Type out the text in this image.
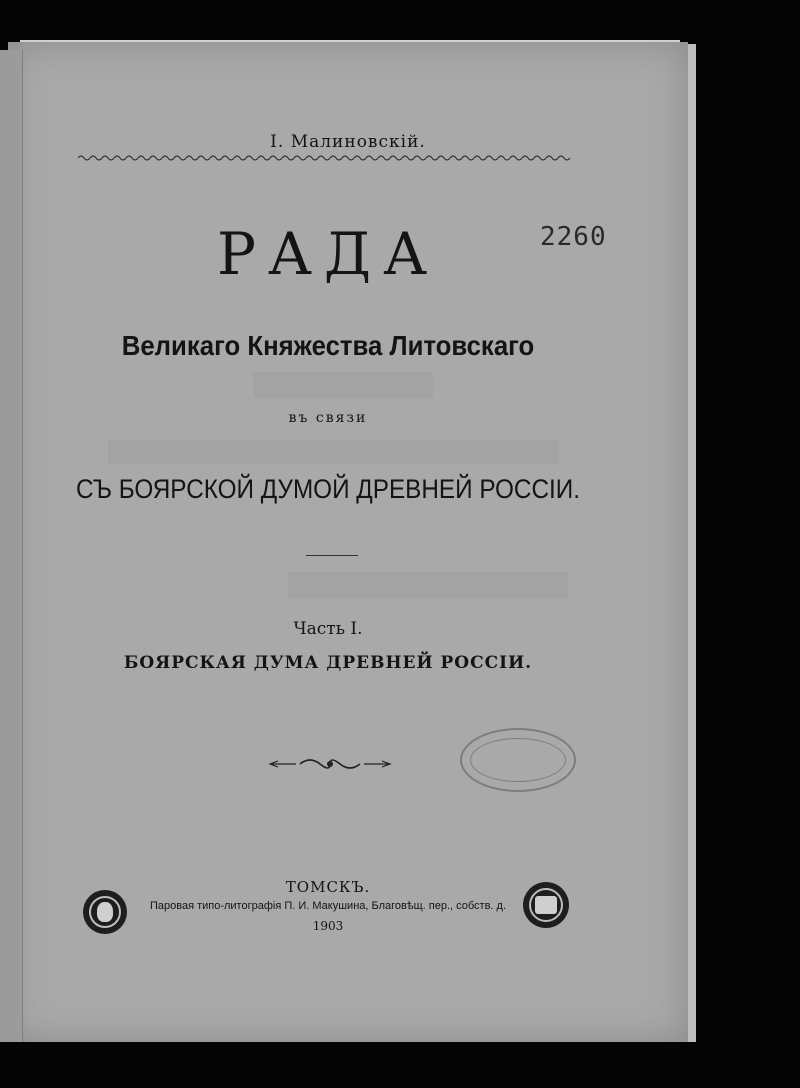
I. Малиновскій.
РАДА	2260
Великаго Княжества Литовскаго
въ связи
СЪ БОЯРСКОЙ ДУМОЙ ДРЕВНЕЙ РОССІИ.
Часть I.
БОЯРСКАЯ ДУМА ДРЕВНЕЙ РОССІИ.
ТОМСКЪ.
Паровая типо-литографія П. И. Макушина, Благовѣщ. пер., собств. д.
1903
